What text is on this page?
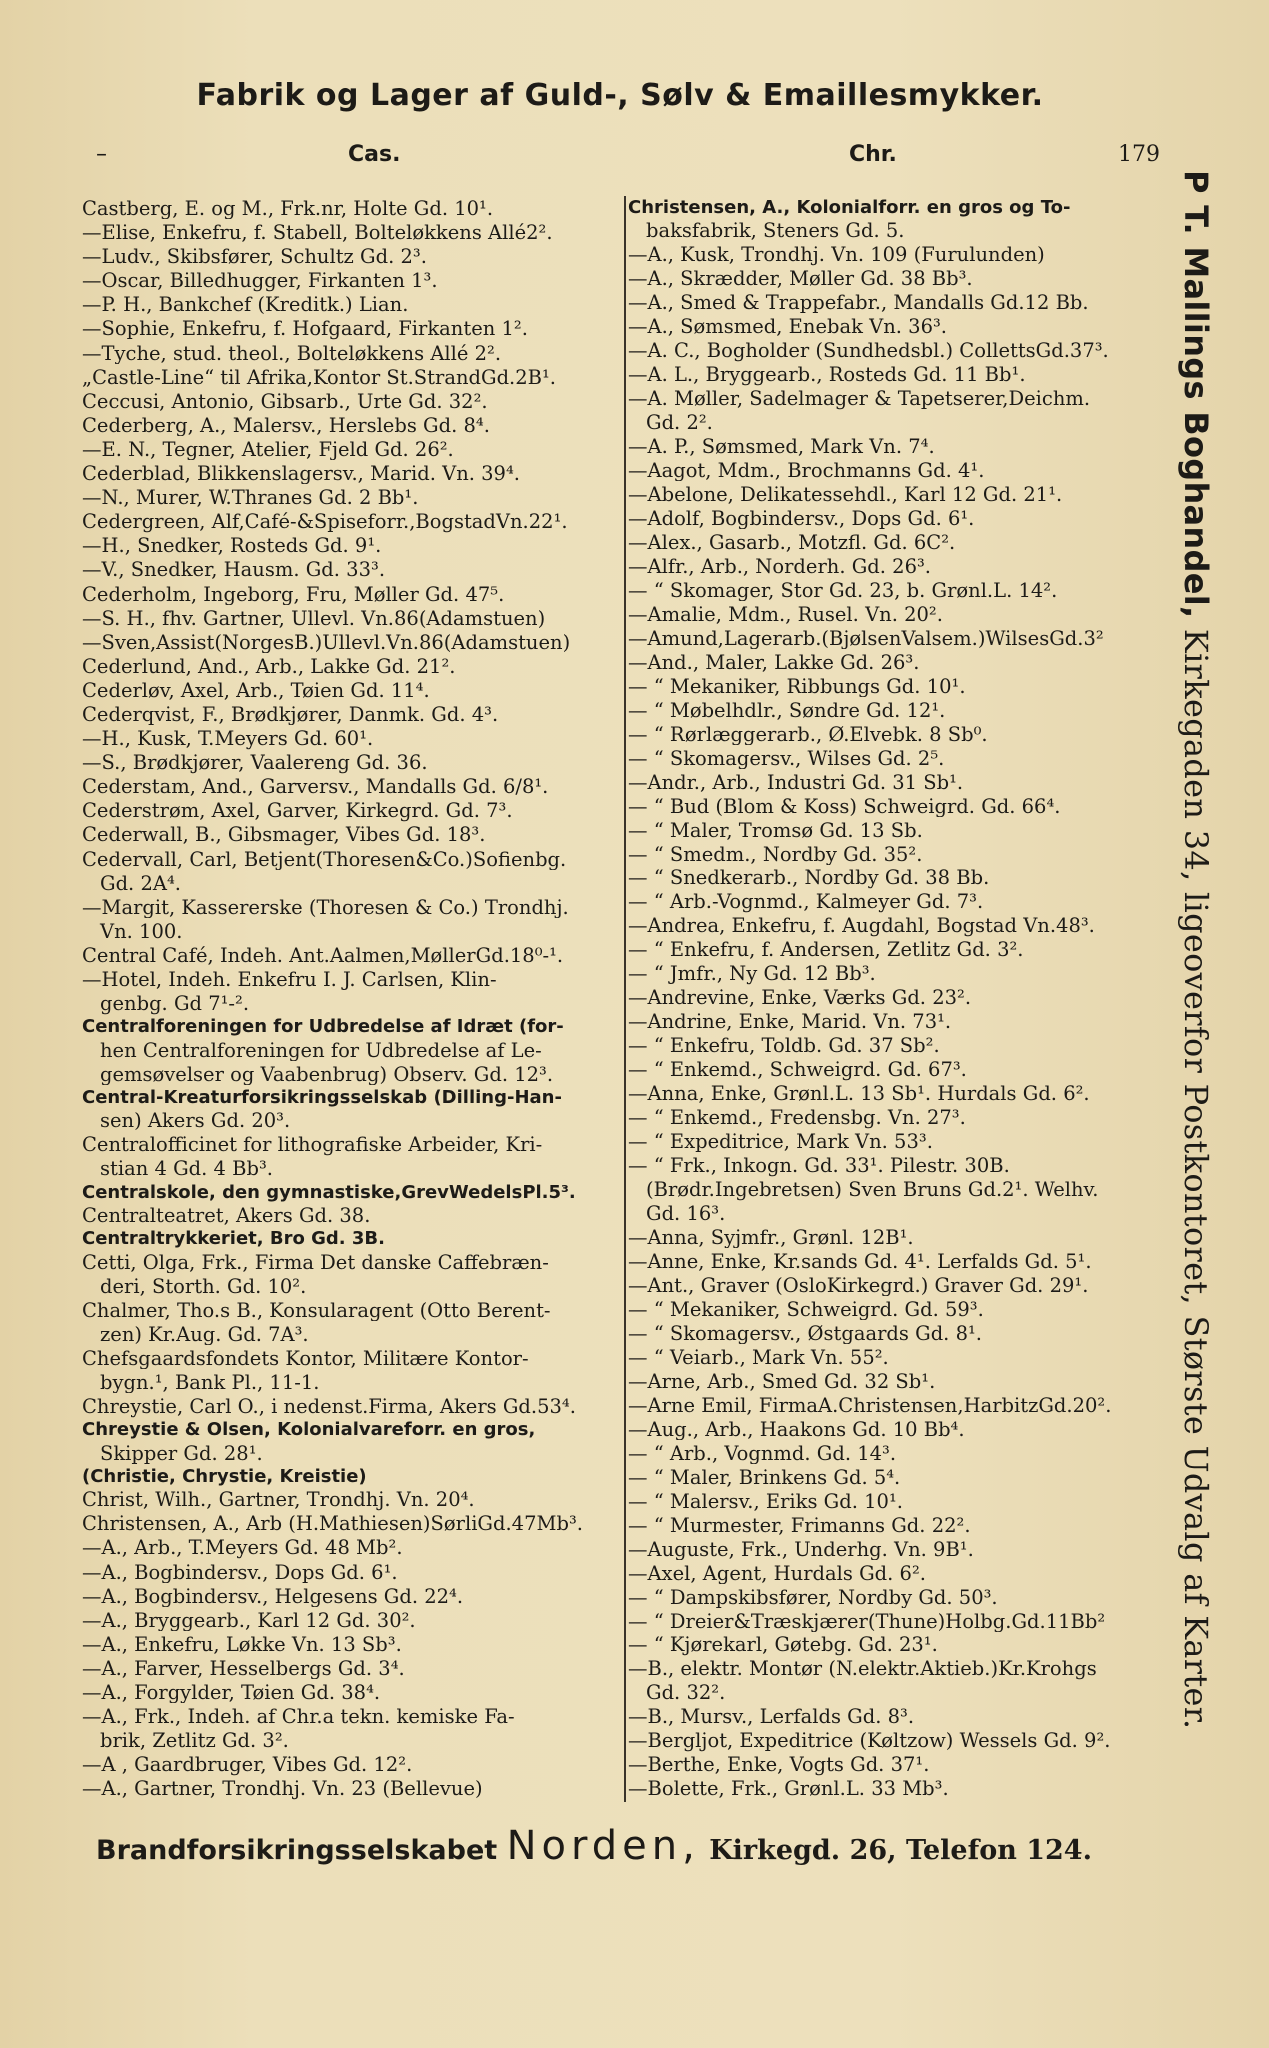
Fabrik og Lager af Guld-, Sølv & Emaillesmykker.
–	Cas.	Chr.	179
Castberg, E. og M., Frk.nr, Holte Gd. 10¹.
—Elise, Enkefru, f. Stabell, Bolteløkkens Allé2².
—Ludv., Skibsfører, Schultz Gd. 2³.
—Oscar, Billedhugger, Firkanten 1³.
—P. H., Bankchef (Kreditk.) Lian.
—Sophie, Enkefru, f. Hofgaard, Firkanten 1².
—Tyche, stud. theol., Bolteløkkens Allé 2².
„Castle-Line“ til Afrika,Kontor St.StrandGd.2B¹.
Ceccusi, Antonio, Gibsarb., Urte Gd. 32².
Cederberg, A., Malersv., Herslebs Gd. 8⁴.
—E. N., Tegner, Atelier, Fjeld Gd. 26².
Cederblad, Blikkenslagersv., Marid. Vn. 39⁴.
—N., Murer, W.Thranes Gd. 2 Bb¹.
Cedergreen, Alf,Café-&Spiseforr.,BogstadVn.22¹.
—H., Snedker, Rosteds Gd. 9¹.
—V., Snedker, Hausm. Gd. 33³.
Cederholm, Ingeborg, Fru, Møller Gd. 47⁵.
—S. H., fhv. Gartner, Ullevl. Vn.86(Adamstuen)
—Sven,Assist(NorgesB.)Ullevl.Vn.86(Adamstuen)
Cederlund, And., Arb., Lakke Gd. 21².
Cederløv, Axel, Arb., Tøien Gd. 11⁴.
Cederqvist, F., Brødkjører, Danmk. Gd. 4³.
—H., Kusk, T.Meyers Gd. 60¹.
—S., Brødkjører, Vaalereng Gd. 36.
Cederstam, And., Garversv., Mandalls Gd. 6/8¹.
Cederstrøm, Axel, Garver, Kirkegrd. Gd. 7³.
Cederwall, B., Gibsmager, Vibes Gd. 18³.
Cedervall, Carl, Betjent(Thoresen&Co.)Sofienbg.
Gd. 2A⁴.
—Margit, Kassererske (Thoresen & Co.) Trondhj.
Vn. 100.
Central Café, Indeh. Ant.Aalmen,MøllerGd.18⁰-¹.
—Hotel, Indeh. Enkefru I. J. Carlsen, Klin-
genbg. Gd 7¹-².
Centralforeningen for Udbredelse af Idræt (for-
hen Centralforeningen for Udbredelse af Le-
gemsøvelser og Vaabenbrug) Observ. Gd. 12³.
Central-Kreaturforsikringsselskab (Dilling-Han-
sen) Akers Gd. 20³.
Centralofficinet for lithografiske Arbeider, Kri-
stian 4 Gd. 4 Bb³.
Centralskole, den gymnastiske,GrevWedelsPl.5³.
Centralteatret, Akers Gd. 38.
Centraltrykkeriet, Bro Gd. 3B.
Cetti, Olga, Frk., Firma Det danske Caffebræn-
deri, Storth. Gd. 10².
Chalmer, Tho.s B., Konsularagent (Otto Berent-
zen) Kr.Aug. Gd. 7A³.
Chefsgaardsfondets Kontor, Militære Kontor-
bygn.¹, Bank Pl., 11-1.
Chreystie, Carl O., i nedenst.Firma, Akers Gd.53⁴.
Chreystie & Olsen, Kolonialvareforr. en gros,
Skipper Gd. 28¹.
(Christie, Chrystie, Kreistie)
Christ, Wilh., Gartner, Trondhj. Vn. 20⁴.
Christensen, A., Arb (H.Mathiesen)SørliGd.47Mb³.
—A., Arb., T.Meyers Gd. 48 Mb².
—A., Bogbindersv., Dops Gd. 6¹.
—A., Bogbindersv., Helgesens Gd. 22⁴.
—A., Bryggearb., Karl 12 Gd. 30².
—A., Enkefru, Løkke Vn. 13 Sb³.
—A., Farver, Hesselbergs Gd. 3⁴.
—A., Forgylder, Tøien Gd. 38⁴.
—A., Frk., Indeh. af Chr.a tekn. kemiske Fa-
brik, Zetlitz Gd. 3².
—A , Gaardbruger, Vibes Gd. 12².
—A., Gartner, Trondhj. Vn. 23 (Bellevue)
Christensen, A., Kolonialforr. en gros og To-
baksfabrik, Steners Gd. 5.
—A., Kusk, Trondhj. Vn. 109 (Furulunden)
—A., Skrædder, Møller Gd. 38 Bb³.
—A., Smed & Trappefabr., Mandalls Gd.12 Bb.
—A., Sømsmed, Enebak Vn. 36³.
—A. C., Bogholder (Sundhedsbl.) CollettsGd.37³.
—A. L., Bryggearb., Rosteds Gd. 11 Bb¹.
—A. Møller, Sadelmager & Tapetserer,Deichm.
Gd. 2².
—A. P., Sømsmed, Mark Vn. 7⁴.
—Aagot, Mdm., Brochmanns Gd. 4¹.
—Abelone, Delikatessehdl., Karl 12 Gd. 21¹.
—Adolf, Bogbindersv., Dops Gd. 6¹.
—Alex., Gasarb., Motzfl. Gd. 6C².
—Alfr., Arb., Norderh. Gd. 26³.
— “ Skomager, Stor Gd. 23, b. Grønl.L. 14².
—Amalie, Mdm., Rusel. Vn. 20².
—Amund,Lagerarb.(BjølsenValsem.)WilsesGd.3²
—And., Maler, Lakke Gd. 26³.
— “ Mekaniker, Ribbungs Gd. 10¹.
— “ Møbelhdlr., Søndre Gd. 12¹.
— “ Rørlæggerarb., Ø.Elvebk. 8 Sb⁰.
— “ Skomagersv., Wilses Gd. 2⁵.
—Andr., Arb., Industri Gd. 31 Sb¹.
— “ Bud (Blom & Koss) Schweigrd. Gd. 66⁴.
— “ Maler, Tromsø Gd. 13 Sb.
— “ Smedm., Nordby Gd. 35².
— “ Snedkerarb., Nordby Gd. 38 Bb.
— “ Arb.-Vognmd., Kalmeyer Gd. 7³.
—Andrea, Enkefru, f. Augdahl, Bogstad Vn.48³.
— “ Enkefru, f. Andersen, Zetlitz Gd. 3².
— “ Jmfr., Ny Gd. 12 Bb³.
—Andrevine, Enke, Værks Gd. 23².
—Andrine, Enke, Marid. Vn. 73¹.
— “ Enkefru, Toldb. Gd. 37 Sb².
— “ Enkemd., Schweigrd. Gd. 67³.
—Anna, Enke, Grønl.L. 13 Sb¹. Hurdals Gd. 6².
— “ Enkemd., Fredensbg. Vn. 27³.
— “ Expeditrice, Mark Vn. 53³.
— “ Frk., Inkogn. Gd. 33¹. Pilestr. 30B.
(Brødr.Ingebretsen) Sven Bruns Gd.2¹. Welhv.
Gd. 16³.
—Anna, Syjmfr., Grønl. 12B¹.
—Anne, Enke, Kr.sands Gd. 4¹. Lerfalds Gd. 5¹.
—Ant., Graver (OsloKirkegrd.) Graver Gd. 29¹.
— “ Mekaniker, Schweigrd. Gd. 59³.
— “ Skomagersv., Østgaards Gd. 8¹.
— “ Veiarb., Mark Vn. 55².
—Arne, Arb., Smed Gd. 32 Sb¹.
—Arne Emil, FirmaA.Christensen,HarbitzGd.20².
—Aug., Arb., Haakons Gd. 10 Bb⁴.
— “ Arb., Vognmd. Gd. 14³.
— “ Maler, Brinkens Gd. 5⁴.
— “ Malersv., Eriks Gd. 10¹.
— “ Murmester, Frimanns Gd. 22².
—Auguste, Frk., Underhg. Vn. 9B¹.
—Axel, Agent, Hurdals Gd. 6².
— “ Dampskibsfører, Nordby Gd. 50³.
— “ Dreier&Træskjærer(Thune)Holbg.Gd.11Bb²
— “ Kjørekarl, Gøtebg. Gd. 23¹.
—B., elektr. Montør (N.elektr.Aktieb.)Kr.Krohgs
Gd. 32².
—B., Mursv., Lerfalds Gd. 8³.
—Bergljot, Expeditrice (Køltzow) Wessels Gd. 9².
—Berthe, Enke, Vogts Gd. 37¹.
—Bolette, Frk., Grønl.L. 33 Mb³.
P T. Mallings Boghandel, Kirkegaden 34, ligeoverfor Postkontoret, Største Udvalg af Karter.
Brandforsikringsselskabet Norden, Kirkegd. 26, Telefon 124.
